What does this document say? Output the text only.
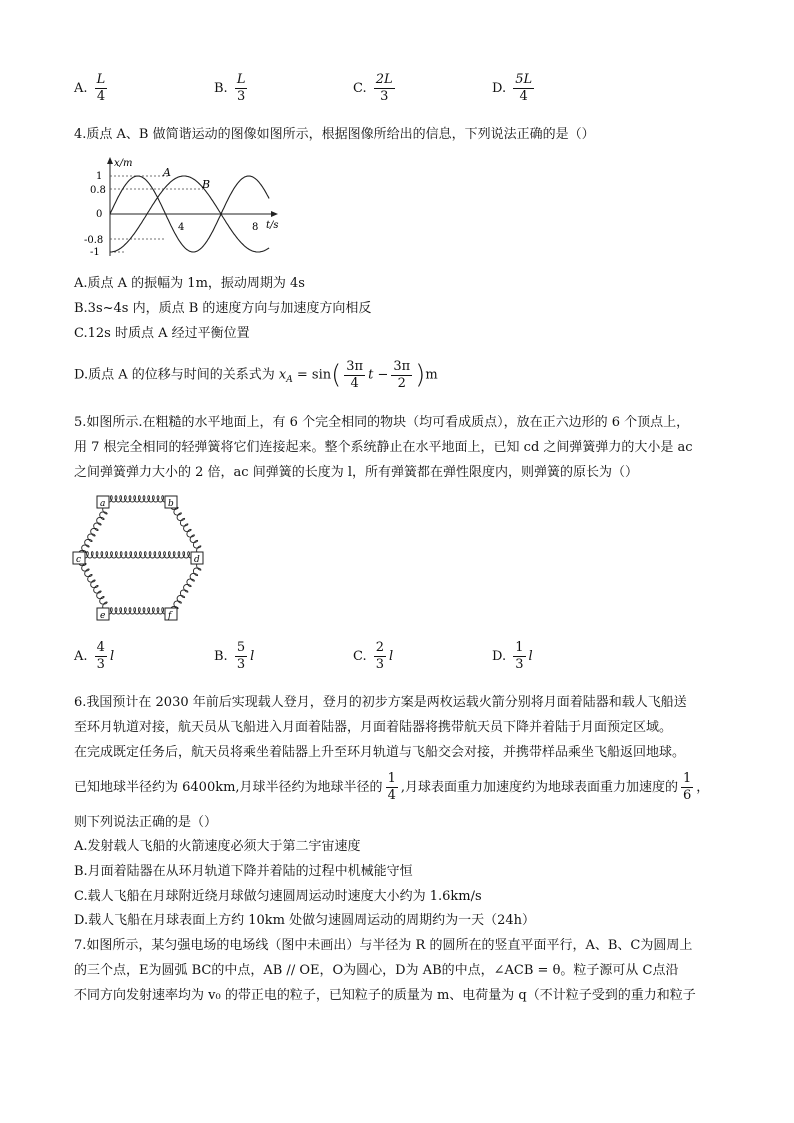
A. $\frac{L}{4}$	B. $\frac{L}{3}$	C. $\frac{2L}{3}$	D. $\frac{5L}{4}$
4.质点 A、B 做简谐运动的图像如图所示，根据图像所给出的信息，下列说法正确的是（）
x/m
t/s
1
0.8
0
-0.8
-1
4	8
A
B
A.质点 A 的振幅为 1m，振动周期为 4s
B.3s~4s 内，质点 B 的速度方向与加速度方向相反
C.12s 时质点 A 经过平衡位置
D.质点 A 的位移与时间的关系式为 $x_A = \sin( \frac{3\pi}{4}$ $t - \frac{3\pi}{2} )m$
5.如图所示.在粗糙的水平地面上，有 6 个完全相同的物块（均可看成质点），放在正六边形的 6 个顶点上，
用 7 根完全相同的轻弹簧将它们连接起来。整个系统静止在水平地面上，已知 cd 之间弹簧弹力的大小是 ac
之间弹簧弹力大小的 2 倍，ac 间弹簧的长度为 l，所有弹簧都在弹性限度内，则弹簧的原长为（）
a	b
c	d
e	f
A. $\frac{4}{3}$ l	B. $\frac{5}{3}$ l	C. $\frac{2}{3}$ l	D. $\frac{1}{3}$ l
6.我国预计在 2030 年前后实现载人登月，登月的初步方案是两枚运载火箭分别将月面着陆器和载人飞船送
至环月轨道对接，航天员从飞船进入月面着陆器，月面着陆器将携带航天员下降并着陆于月面预定区域。
在完成既定任务后，航天员将乘坐着陆器上升至环月轨道与飞船交会对接，并携带样品乘坐飞船返回地球。
已知地球半径约为 6400km,月球半径约为地球半径的 $\frac{1}{4}$ ,月球表面重力加速度约为地球表面重力加速度的 $\frac{1}{6}$ ，
则下列说法正确的是（）
A.发射载人飞船的火箭速度必须大于第二宇宙速度
B.月面着陆器在从环月轨道下降并着陆的过程中机械能守恒
C.载人飞船在月球附近绕月球做匀速圆周运动时速度大小约为 1.6km/s
D.载人飞船在月球表面上方约 10km 处做匀速圆周运动的周期约为一天（24h）
7.如图所示，某匀强电场的电场线（图中未画出）与半径为 R 的圆所在的竖直平面平行，A、B、C为圆周上
的三个点，E为圆弧 BC的中点，AB // OE，O为圆心，D为 AB的中点，∠ACB = θ。粒子源可从 C点沿
不同方向发射速率均为 v₀ 的带正电的粒子，已知粒子的质量为 m、电荷量为 q（不计粒子受到的重力和粒子
